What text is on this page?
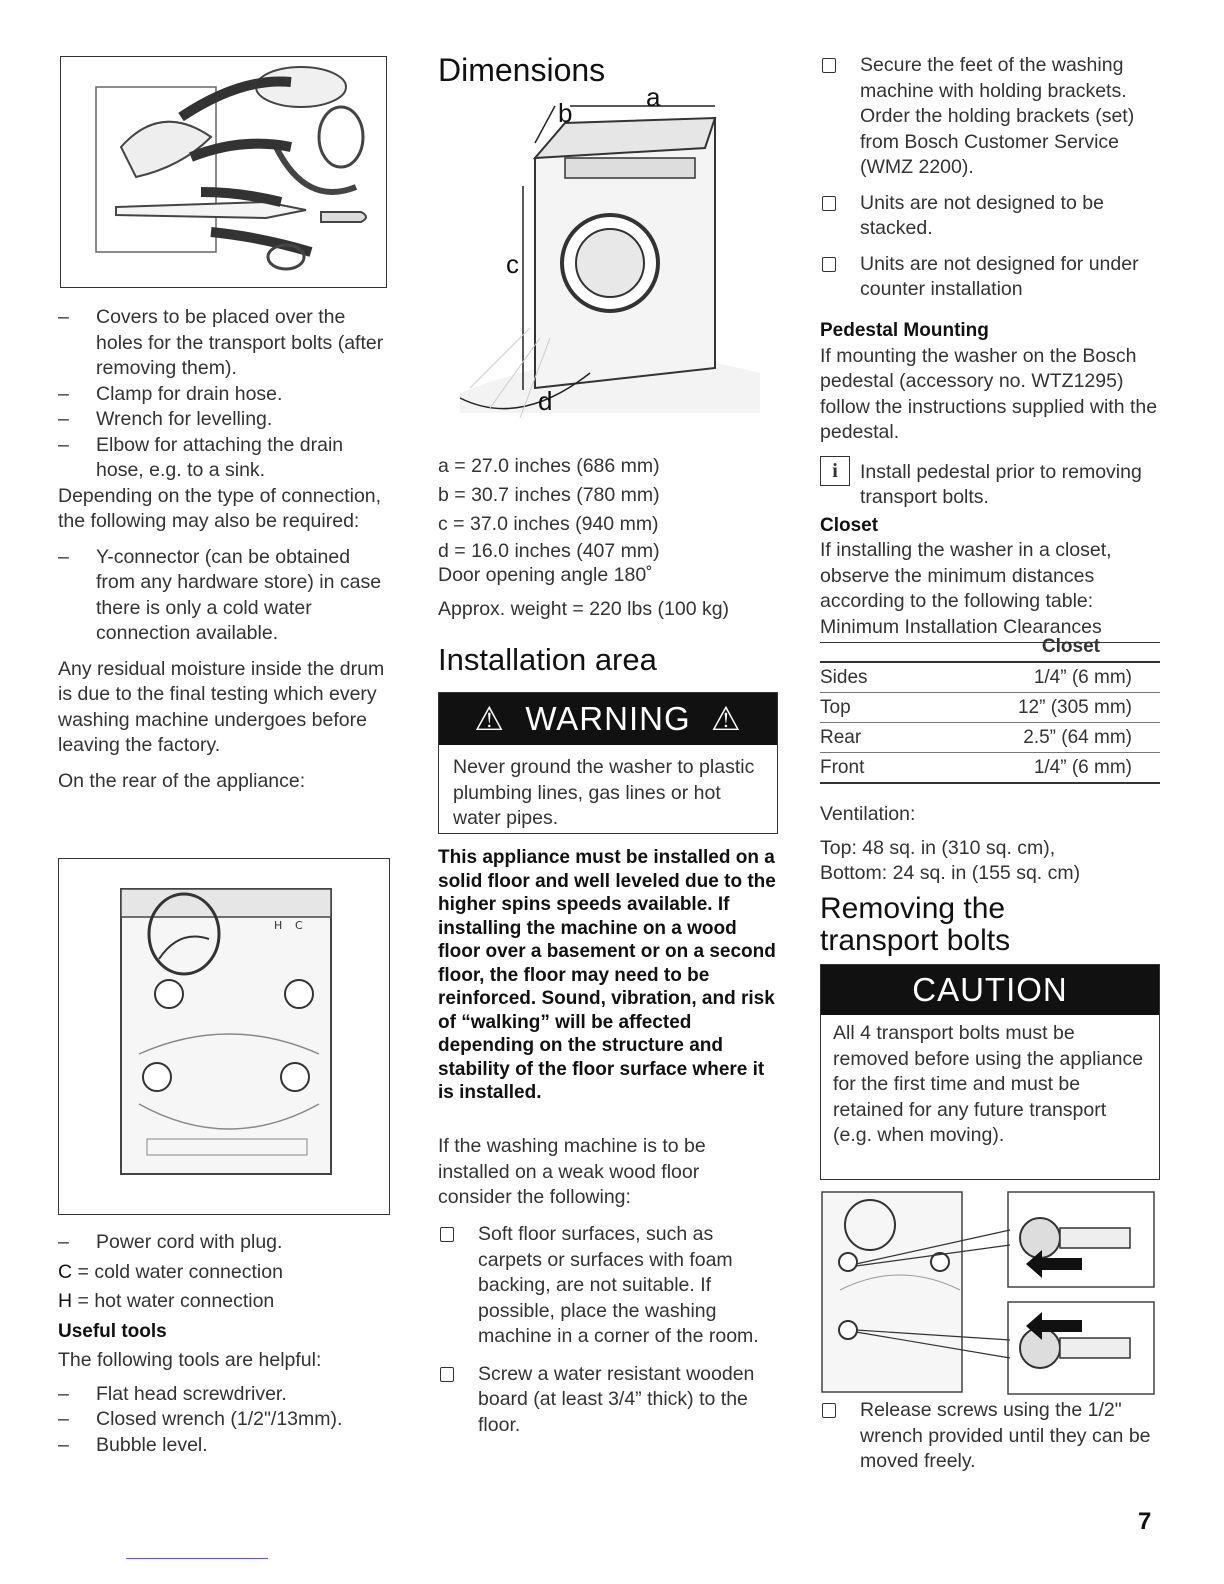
– Covers to be placed over the holes for the transport bolts (after removing them).
– Clamp for drain hose.
– Wrench for levelling.
– Elbow for attaching the drain hose, e.g. to a sink.
Depending on the type of connection, the following may also be required:
– Y-connector (can be obtained from any hardware store) in case there is only a cold water connection available.
Any residual moisture inside the drum is due to the final testing which every washing machine undergoes before leaving the factory.
On the rear of the appliance:
H C
– Power cord with plug.
C = cold water connection
H = hot water connection
Useful tools
The following tools are helpful:
– Flat head screwdriver.
– Closed wrench (1/2"/13mm).
– Bubble level.
Dimensions
a
b
c
d
a = 27.0 inches (686 mm)
b = 30.7 inches (780 mm)
c = 37.0 inches (940 mm)
d = 16.0 inches (407 mm)
Door opening angle 180˚
Approx. weight = 220 lbs (100 kg)
Installation area
⚠ WARNING ⚠
Never ground the washer to plastic plumbing lines, gas lines or hot water pipes.
This appliance must be installed on a solid floor and well leveled due to the higher spins speeds available. If installing the machine on a wood floor over a basement or on a second floor, the floor may need to be reinforced. Sound, vibration, and risk of “walking” will be affected depending on the structure and stability of the floor surface where it is installed.
If the washing machine is to be installed on a weak wood floor consider the following:
Soft floor surfaces, such as carpets or surfaces with foam backing, are not suitable. If possible, place the washing machine in a corner of the room.
Screw a water resistant wooden board (at least 3/4” thick) to the floor.
Secure the feet of the washing machine with holding brackets. Order the holding brackets (set) from Bosch Customer Service (WMZ 2200).
Units are not designed to be stacked.
Units are not designed for under counter installation
Pedestal Mounting
If mounting the washer on the Bosch pedestal (accessory no. WTZ1295) follow the instructions supplied with the pedestal.
i	Install pedestal prior to removing transport bolts.
Closet
If installing the washer in a closet, observe the minimum distances according to the following table:
Minimum Installation Clearances
	Closet
Sides	1/4” (6 mm)
Top	12” (305 mm)
Rear	2.5” (64 mm)
Front	1/4” (6 mm)
Ventilation:
Top: 48 sq. in (310 sq. cm),
Bottom: 24 sq. in (155 sq. cm)
Removing the
transport bolts
CAUTION
All 4 transport bolts must be removed before using the appliance for the first time and must be retained for any future transport (e.g. when moving).
Release screws using the 1/2" wrench provided until they can be moved freely.
7
